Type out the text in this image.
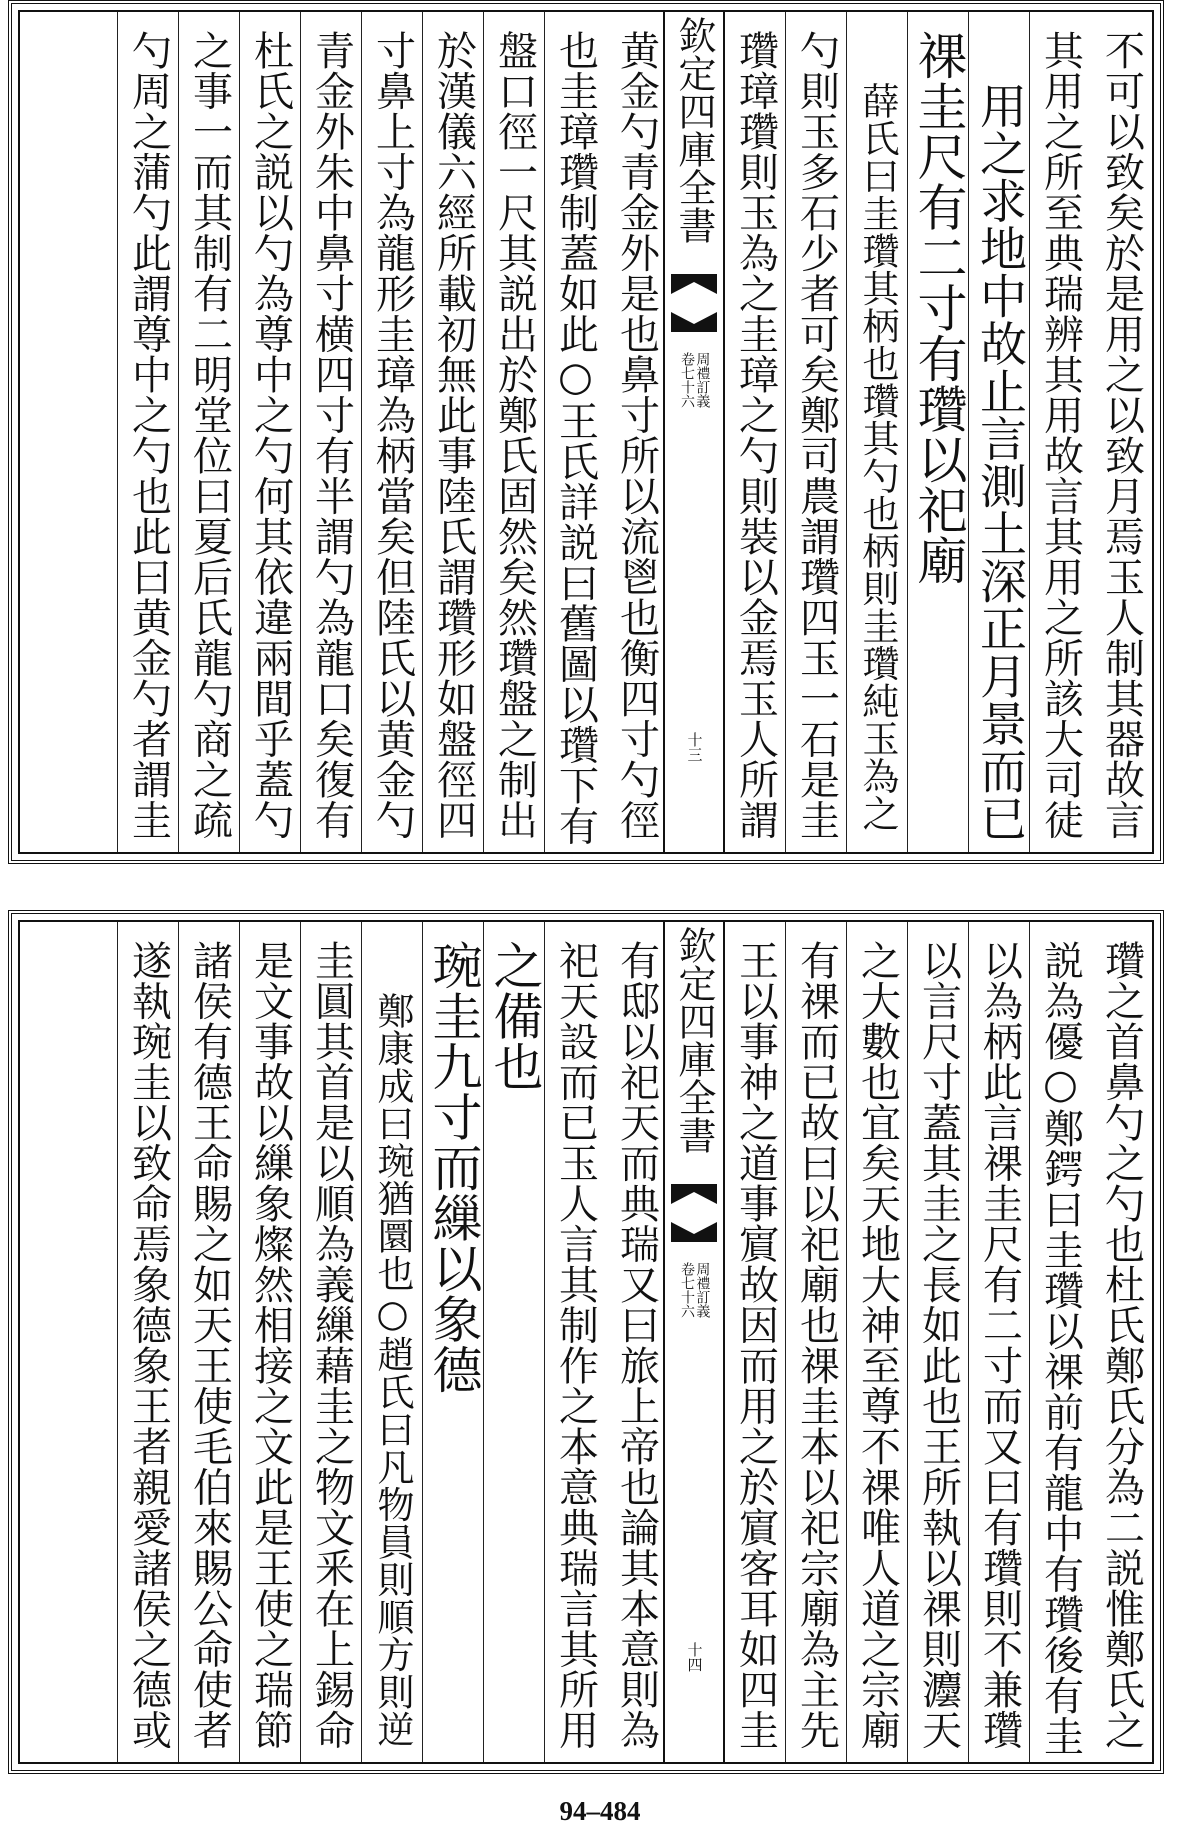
不可以致矣於是用之以致月焉玉人制其器故言
其用之所至典瑞辨其用故言其用之所該大司徒
用之求地中故止言測土深正月景而已
祼圭尺有二寸有瓚以祀廟
薛氏曰圭瓚其柄也瓚其勺也柄則圭瓚純玉為之
勺則玉多石少者可矣鄭司農謂瓚四玉一石是圭
瓚璋瓚則玉為之圭璋之勺則裝以金焉玉人所謂
欽定四庫全書
周禮訂義
卷七十六
十三
黄金勺青金外是也鼻寸所以流鬯也衡四寸勺徑
也圭璋瓚制蓋如此○王氏詳説曰舊圖以瓚下有
盤口徑一尺其説出於鄭氏固然矣然瓚盤之制出
於漢儀六經所載初無此事陸氏謂瓚形如盤徑四
寸鼻上寸為龍形圭璋為柄當矣但陸氏以黄金勺
青金外朱中鼻寸横四寸有半謂勺為龍口矣復有
杜氏之説以勺為尊中之勺何其依違兩間乎蓋勺
之事一而其制有二明堂位曰夏后氏龍勺商之疏
勺周之蒲勺此謂尊中之勺也此曰黄金勺者謂圭
瓚之首鼻勺之勺也杜氏鄭氏分為二説惟鄭氏之
説為優○鄭鍔曰圭瓚以祼前有龍中有瓚後有圭
以為柄此言祼圭尺有二寸而又曰有瓚則不兼瓚
以言尺寸蓋其圭之長如此也王所執以祼則灋天
之大數也宜矣天地大神至尊不祼唯人道之宗廟
有祼而已故曰以祀廟也祼圭本以祀宗廟為主先
王以事神之道事賔故因而用之於賔客耳如四圭
欽定四庫全書
周禮訂義
卷七十六
十四
有邸以祀天而典瑞又曰旅上帝也論其本意則為
祀天設而已玉人言其制作之本意典瑞言其所用
之備也
琬圭九寸而繅以象德
鄭康成曰琬猶圜也○趙氏曰凡物員則順方則逆
圭圓其首是以順為義繅藉圭之物文釆在上錫命
是文事故以繅象燦然相接之文此是王使之瑞節
諸侯有德王命賜之如天王使毛伯來賜公命使者
遂執琬圭以致命焉象德象王者親愛諸侯之德或
94–484
